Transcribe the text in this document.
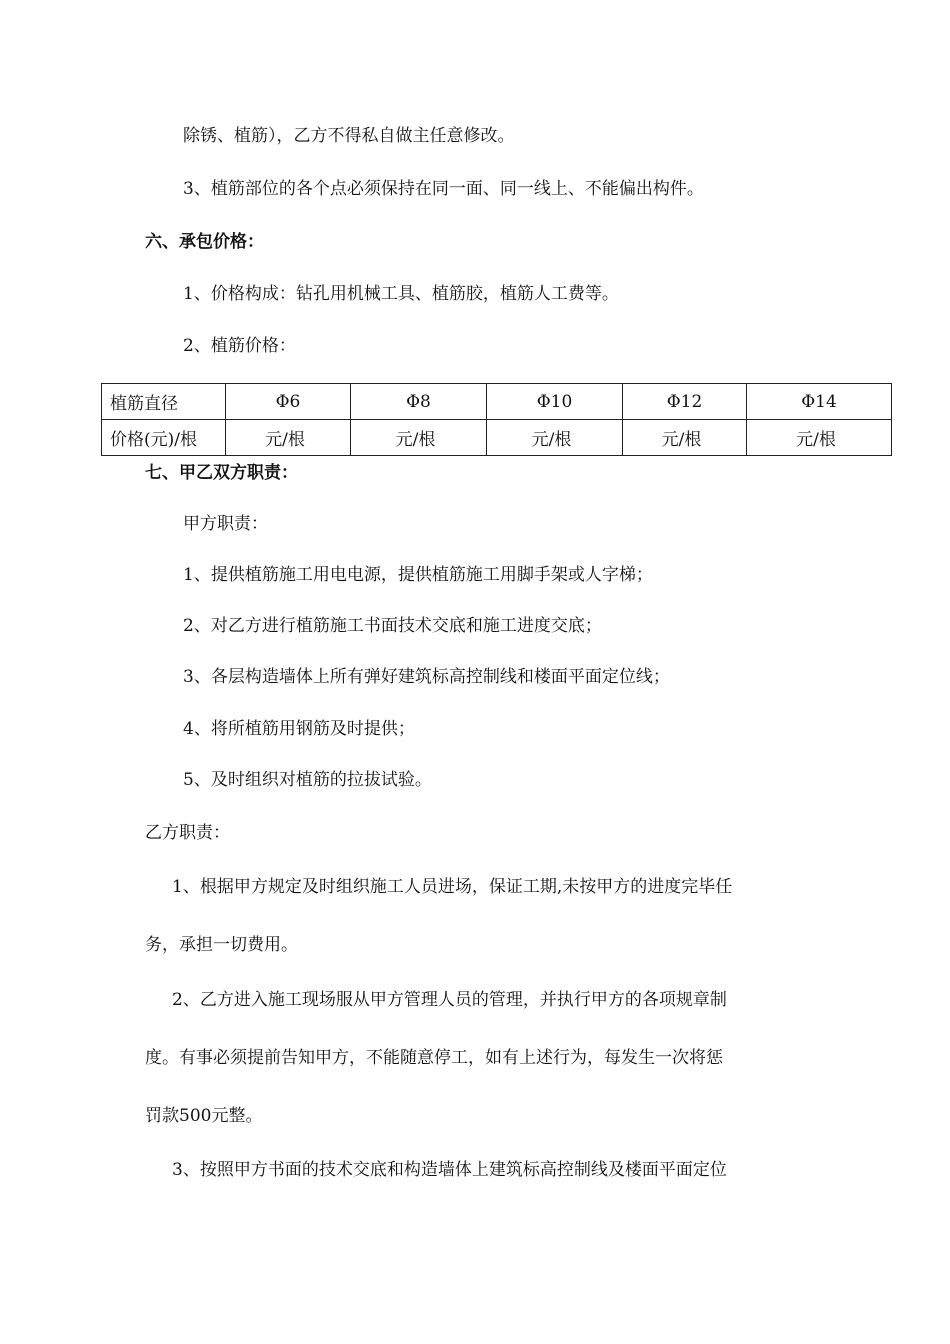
除锈、植筋），乙方不得私自做主任意修改。
3、植筋部位的各个点必须保持在同一面、同一线上、不能偏出构件。
六、承包价格：
1、价格构成：钻孔用机械工具、植筋胶，植筋人工费等。
2、植筋价格：
植筋直径	Φ6	Φ8	Φ10	Φ12	Φ14
价格(元)/根	元/根	元/根	元/根	元/根	元/根
七、甲乙双方职责：
甲方职责：
1、提供植筋施工用电电源，提供植筋施工用脚手架或人字梯；
2、对乙方进行植筋施工书面技术交底和施工进度交底；
3、各层构造墙体上所有弹好建筑标高控制线和楼面平面定位线；
4、将所植筋用钢筋及时提供；
5、及时组织对植筋的拉拔试验。
乙方职责：
1、根据甲方规定及时组织施工人员进场，保证工期,未按甲方的进度完毕任
务，承担一切费用。
2、乙方进入施工现场服从甲方管理人员的管理，并执行甲方的各项规章制
度。有事必须提前告知甲方，不能随意停工，如有上述行为，每发生一次将惩
罚款500元整。
3、按照甲方书面的技术交底和构造墙体上建筑标高控制线及楼面平面定位
